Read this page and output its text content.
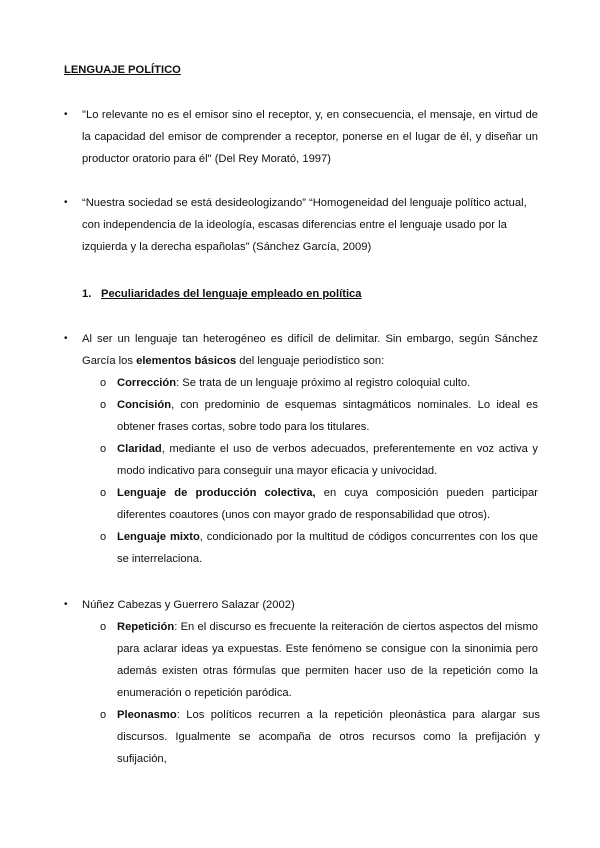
LENGUAJE POLÍTICO
• "Lo relevante no es el emisor sino el receptor, y, en consecuencia, el mensaje, en virtud de la capacidad del emisor de comprender a receptor, ponerse en el lugar de él, y diseñar un productor oratorio para él" (Del Rey Morató, 1997)
• “Nuestra sociedad se está desideologizando” “Homogeneidad del lenguaje político actual, con independencia de la ideología, escasas diferencias entre el lenguaje usado por la izquierda y la derecha españolas” (Sánchez García, 2009)
1. Peculiaridades del lenguaje empleado en política
• Al ser un lenguaje tan heterogéneo es difícil de delimitar. Sin embargo, según Sánchez García los elementos básicos del lenguaje periodístico son:
o Corrección: Se trata de un lenguaje próximo al registro coloquial culto.
o Concisión, con predominio de esquemas sintagmáticos nominales. Lo ideal es obtener frases cortas, sobre todo para los titulares.
o Claridad, mediante el uso de verbos adecuados, preferentemente en voz activa y modo indicativo para conseguir una mayor eficacia y univocidad.
o Lenguaje de producción colectiva, en cuya composición pueden participar diferentes coautores (unos con mayor grado de responsabilidad que otros).
o Lenguaje mixto, condicionado por la multitud de códigos concurrentes con los que se interrelaciona.
• Núñez Cabezas y Guerrero Salazar (2002)
o Repetición: En el discurso es frecuente la reiteración de ciertos aspectos del mismo para aclarar ideas ya expuestas. Este fenómeno se consigue con la sinonimia pero además existen otras fórmulas que permiten hacer uso de la repetición como la enumeración o repetición paródica.
o Pleonasmo: Los políticos recurren a la repetición pleonástica para alargar sus discursos. Igualmente se acompaña de otros recursos como la prefijación y sufijación,
